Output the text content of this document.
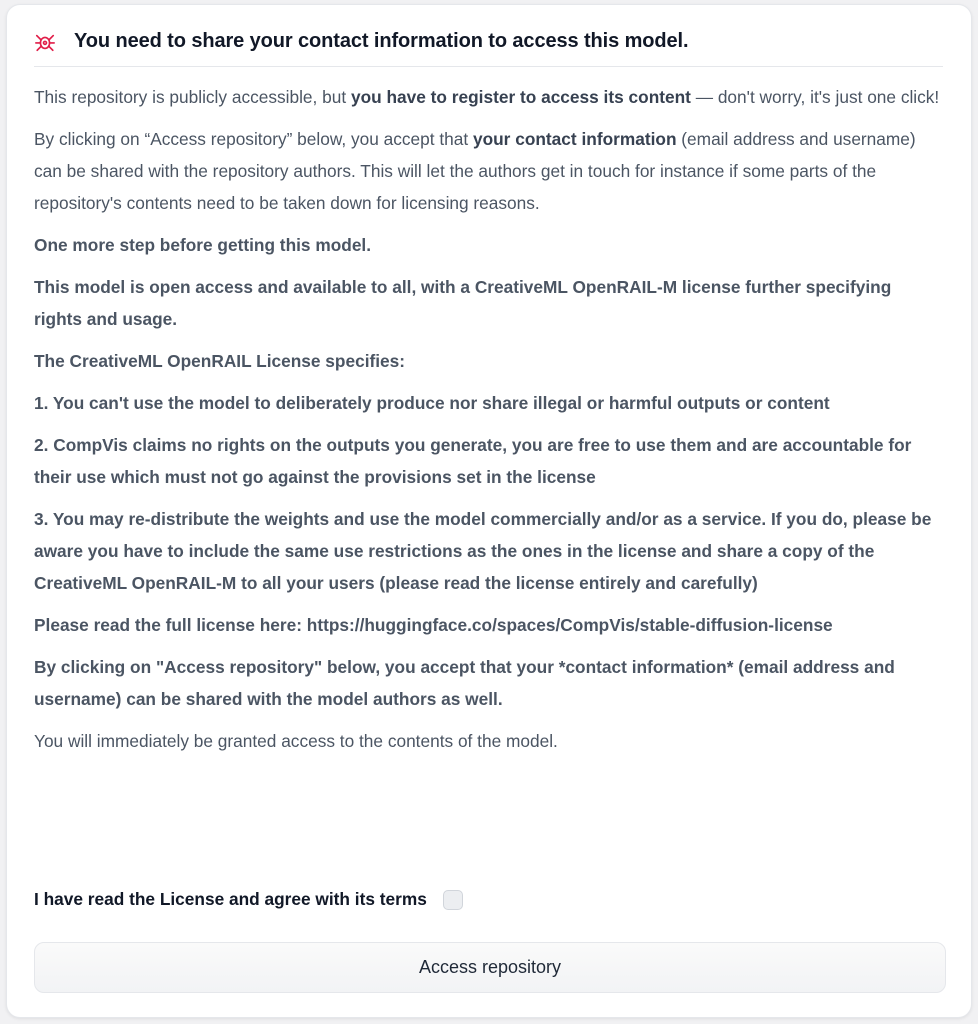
You need to share your contact information to access this model.

This repository is publicly accessible, but you have to register to access its content — don't worry, it's just one click!

By clicking on “Access repository” below, you accept that your contact information (email address and username) can be shared with the repository authors. This will let the authors get in touch for instance if some parts of the repository's contents need to be taken down for licensing reasons.

One more step before getting this model.

This model is open access and available to all, with a CreativeML OpenRAIL-M license further specifying rights and usage.

The CreativeML OpenRAIL License specifies:

1. You can't use the model to deliberately produce nor share illegal or harmful outputs or content

2. CompVis claims no rights on the outputs you generate, you are free to use them and are accountable for their use which must not go against the provisions set in the license

3. You may re-distribute the weights and use the model commercially and/or as a service. If you do, please be aware you have to include the same use restrictions as the ones in the license and share a copy of the CreativeML OpenRAIL-M to all your users (please read the license entirely and carefully)

Please read the full license here: https://huggingface.co/spaces/CompVis/stable-diffusion-license

By clicking on "Access repository" below, you accept that your *contact information* (email address and username) can be shared with the model authors as well.

You will immediately be granted access to the contents of the model.

I have read the License and agree with its terms
Access repository
